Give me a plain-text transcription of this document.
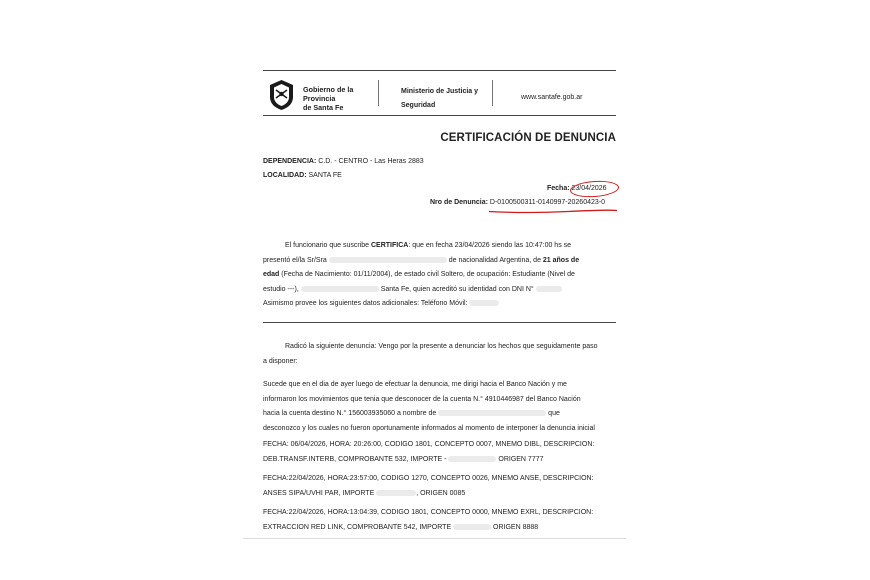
Gobierno de la Provincia
de Santa Fe
Ministerio de Justicia y
Seguridad
www.santafe.gob.ar
CERTIFICACIÓN DE DENUNCIA
DEPENDENCIA: C.D. - CENTRO - Las Heras 2883
LOCALIDAD: SANTA FE
Fecha: 23/04/2026
Nro de Denuncia: D-0100500311-0140997-20260423-0
El funcionario que suscribe CERTIFICA: que en fecha 23/04/2026 siendo las 10:47:00 hs se
presentó el/la Sr/Sra	de nacionalidad Argentina, de 21 años de
edad (Fecha de Nacimiento: 01/11/2004), de estado civil Soltero, de ocupación: Estudiante (Nivel de
estudio ---),	Santa Fe, quien acreditó su identidad con DNI N°
Asimismo provee los siguientes datos adicionales: Teléfono Móvil:
Radicó la siguiente denuncia: Vengo por la presente a denunciar los hechos que seguidamente paso
a disponer:
Sucede que en el dia de ayer luego de efectuar la denuncia, me dirigi hacia el Banco Nación y me
informaron los movimientos que tenia que desconocer de la cuenta N.° 4910446987 del Banco Nación
hacia la cuenta destino N.° 156003935060 a nombre de	que
desconozco y los cuales no fueron oportunamente informados al momento de interponer la denuncia inicial
FECHA: 06/04/2026, HORA: 20:26:00, CODIGO 1801, CONCEPTO 0007, MNEMO DIBL, DESCRIPCION:
DEB.TRANSF.INTERB, COMPROBANTE 532, IMPORTE -	ORIGEN 7777
FECHA:22/04/2026, HORA:23:57:00, CODIGO 1270, CONCEPTO 0026, MNEMO ANSE, DESCRIPCION:
ANSES SIPA/UVHI PAR, IMPORTE	, ORIGEN 0085
FECHA:22/04/2026, HORA:13:04:39, CODIGO 1801, CONCEPTO 0000, MNEMO EXRL, DESCRIPCION:
EXTRACCION RED LINK, COMPROBANTE 542, IMPORTE	ORIGEN 8888
